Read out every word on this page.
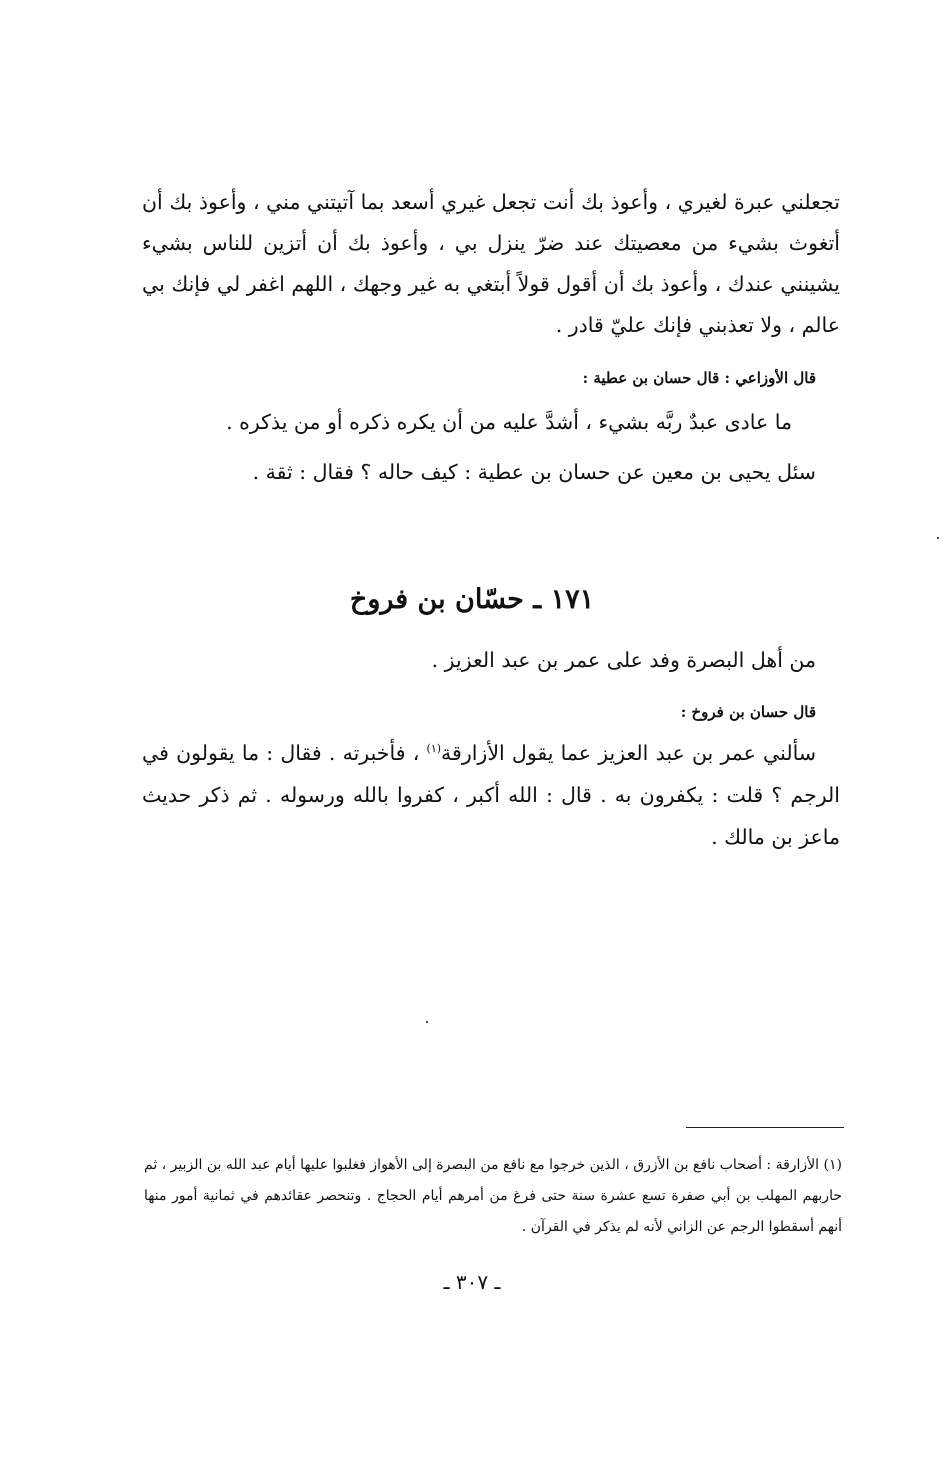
تجعلني عبرة لغيري ، وأعوذ بك أنت تجعل غيري أسعد بما آتيتني مني ، وأعوذ بك أن أتغوث بشيء من معصيتك عند ضرّ ينزل بي ، وأعوذ بك أن أتزين للناس بشيء يشينني عندك ، وأعوذ بك أن أقول قولاً أبتغي به غير وجهك ، اللهم اغفر لي فإنك بي عالم ، ولا تعذبني فإنك عليّ قادر .

قال الأوزاعي : قال حسان بن عطية :
ما عادى عبدٌ ربَّه بشيء ، أشدَّ عليه من أن يكره ذكره أو من يذكره .
سئل يحيى بن معين عن حسان بن عطية : كيف حاله ؟ فقال : ثقة .
١٧١ ـ حسّان بن فروخ
من أهل البصرة وفد على عمر بن عبد العزيز .
قال حسان بن فروخ :

سألني عمر بن عبد العزيز عما يقول الأزارقة$^{(١)}$ ، فأخبرته . فقال : ما يقولون في الرجم ؟ قلت : يكفرون به . قال : الله أكبر ، كفروا بالله ورسوله . ثم ذكر حديث ماعز بن مالك .

(١) الأزارقة : أصحاب نافع بن الأزرق ، الذين خرجوا مع نافع من البصرة إلى الأهواز فغلبوا عليها أيام عبد الله بن الزبير ، ثم حاربهم المهلب بن أبي صفرة تسع عشرة سنة حتى فرغ من أمرهم أيام الحجاج . وتنحصر عقائدهم في ثمانية أمور منها أنهم أسقطوا الرجم عن الزاني لأنه لم يذكر في القرآن .

ـ ٣٠٧ ـ
